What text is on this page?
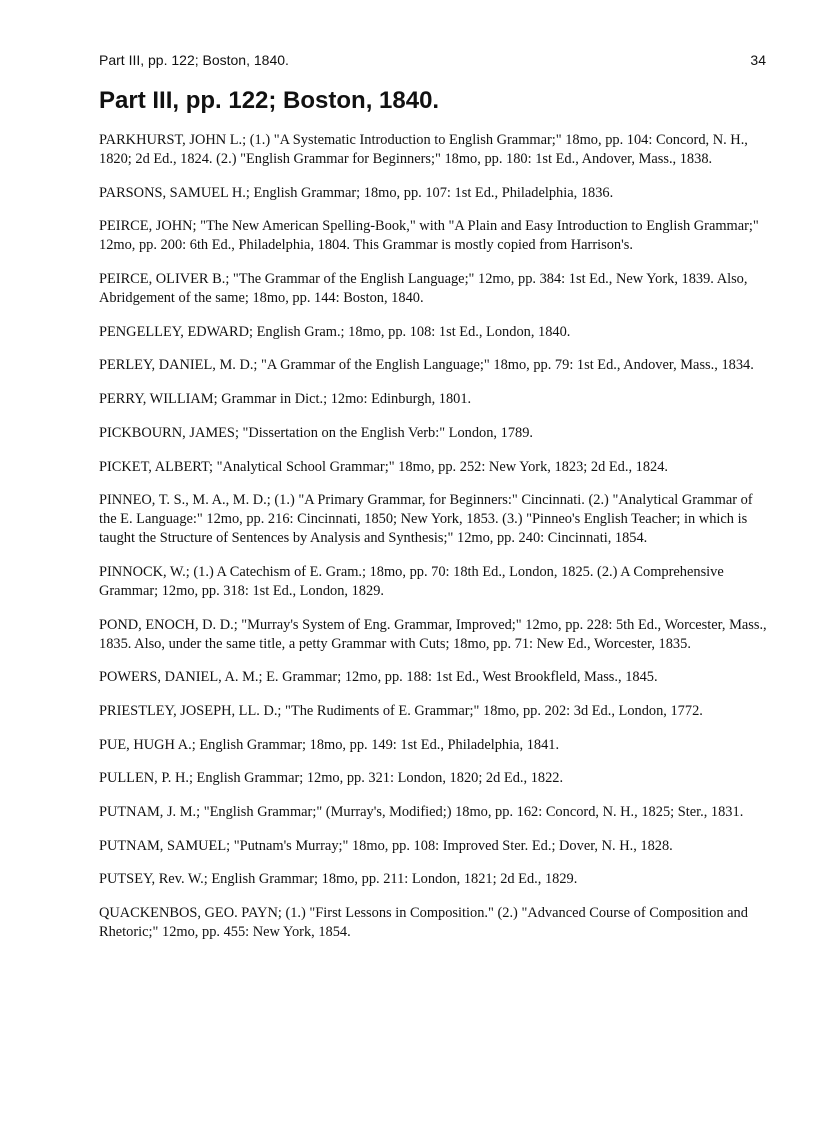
Part III, pp. 122; Boston, 1840.	34
Part III, pp. 122; Boston, 1840.

PARKHURST, JOHN L.; (1.) "A Systematic Introduction to English Grammar;" 18mo, pp. 104: Concord, N. H., 1820; 2d Ed., 1824. (2.) "English Grammar for Beginners;" 18mo, pp. 180: 1st Ed., Andover, Mass., 1838.

PARSONS, SAMUEL H.; English Grammar; 18mo, pp. 107: 1st Ed., Philadelphia, 1836.

PEIRCE, JOHN; "The New American Spelling-Book," with "A Plain and Easy Introduction to English Grammar;" 12mo, pp. 200: 6th Ed., Philadelphia, 1804. This Grammar is mostly copied from Harrison's.

PEIRCE, OLIVER B.; "The Grammar of the English Language;" 12mo, pp. 384: 1st Ed., New York, 1839. Also, Abridgement of the same; 18mo, pp. 144: Boston, 1840.

PENGELLEY, EDWARD; English Gram.; 18mo, pp. 108: 1st Ed., London, 1840.

PERLEY, DANIEL, M. D.; "A Grammar of the English Language;" 18mo, pp. 79: 1st Ed., Andover, Mass., 1834.

PERRY, WILLIAM; Grammar in Dict.; 12mo: Edinburgh, 1801.

PICKBOURN, JAMES; "Dissertation on the English Verb:" London, 1789.

PICKET, ALBERT; "Analytical School Grammar;" 18mo, pp. 252: New York, 1823; 2d Ed., 1824.

PINNEO, T. S., M. A., M. D.; (1.) "A Primary Grammar, for Beginners:" Cincinnati. (2.) "Analytical Grammar of the E. Language:" 12mo, pp. 216: Cincinnati, 1850; New York, 1853. (3.) "Pinneo's English Teacher; in which is taught the Structure of Sentences by Analysis and Synthesis;" 12mo, pp. 240: Cincinnati, 1854.

PINNOCK, W.; (1.) A Catechism of E. Gram.; 18mo, pp. 70: 18th Ed., London, 1825. (2.) A Comprehensive Grammar; 12mo, pp. 318: 1st Ed., London, 1829.

POND, ENOCH, D. D.; "Murray's System of Eng. Grammar, Improved;" 12mo, pp. 228: 5th Ed., Worcester, Mass., 1835. Also, under the same title, a petty Grammar with Cuts; 18mo, pp. 71: New Ed., Worcester, 1835.

POWERS, DANIEL, A. M.; E. Grammar; 12mo, pp. 188: 1st Ed., West Brookfleld, Mass., 1845.

PRIESTLEY, JOSEPH, LL. D.; "The Rudiments of E. Grammar;" 18mo, pp. 202: 3d Ed., London, 1772.

PUE, HUGH A.; English Grammar; 18mo, pp. 149: 1st Ed., Philadelphia, 1841.

PULLEN, P. H.; English Grammar; 12mo, pp. 321: London, 1820; 2d Ed., 1822.

PUTNAM, J. M.; "English Grammar;" (Murray's, Modified;) 18mo, pp. 162: Concord, N. H., 1825; Ster., 1831.

PUTNAM, SAMUEL; "Putnam's Murray;" 18mo, pp. 108: Improved Ster. Ed.; Dover, N. H., 1828.

PUTSEY, Rev. W.; English Grammar; 18mo, pp. 211: London, 1821; 2d Ed., 1829.

QUACKENBOS, GEO. PAYN; (1.) "First Lessons in Composition." (2.) "Advanced Course of Composition and Rhetoric;" 12mo, pp. 455: New York, 1854.
